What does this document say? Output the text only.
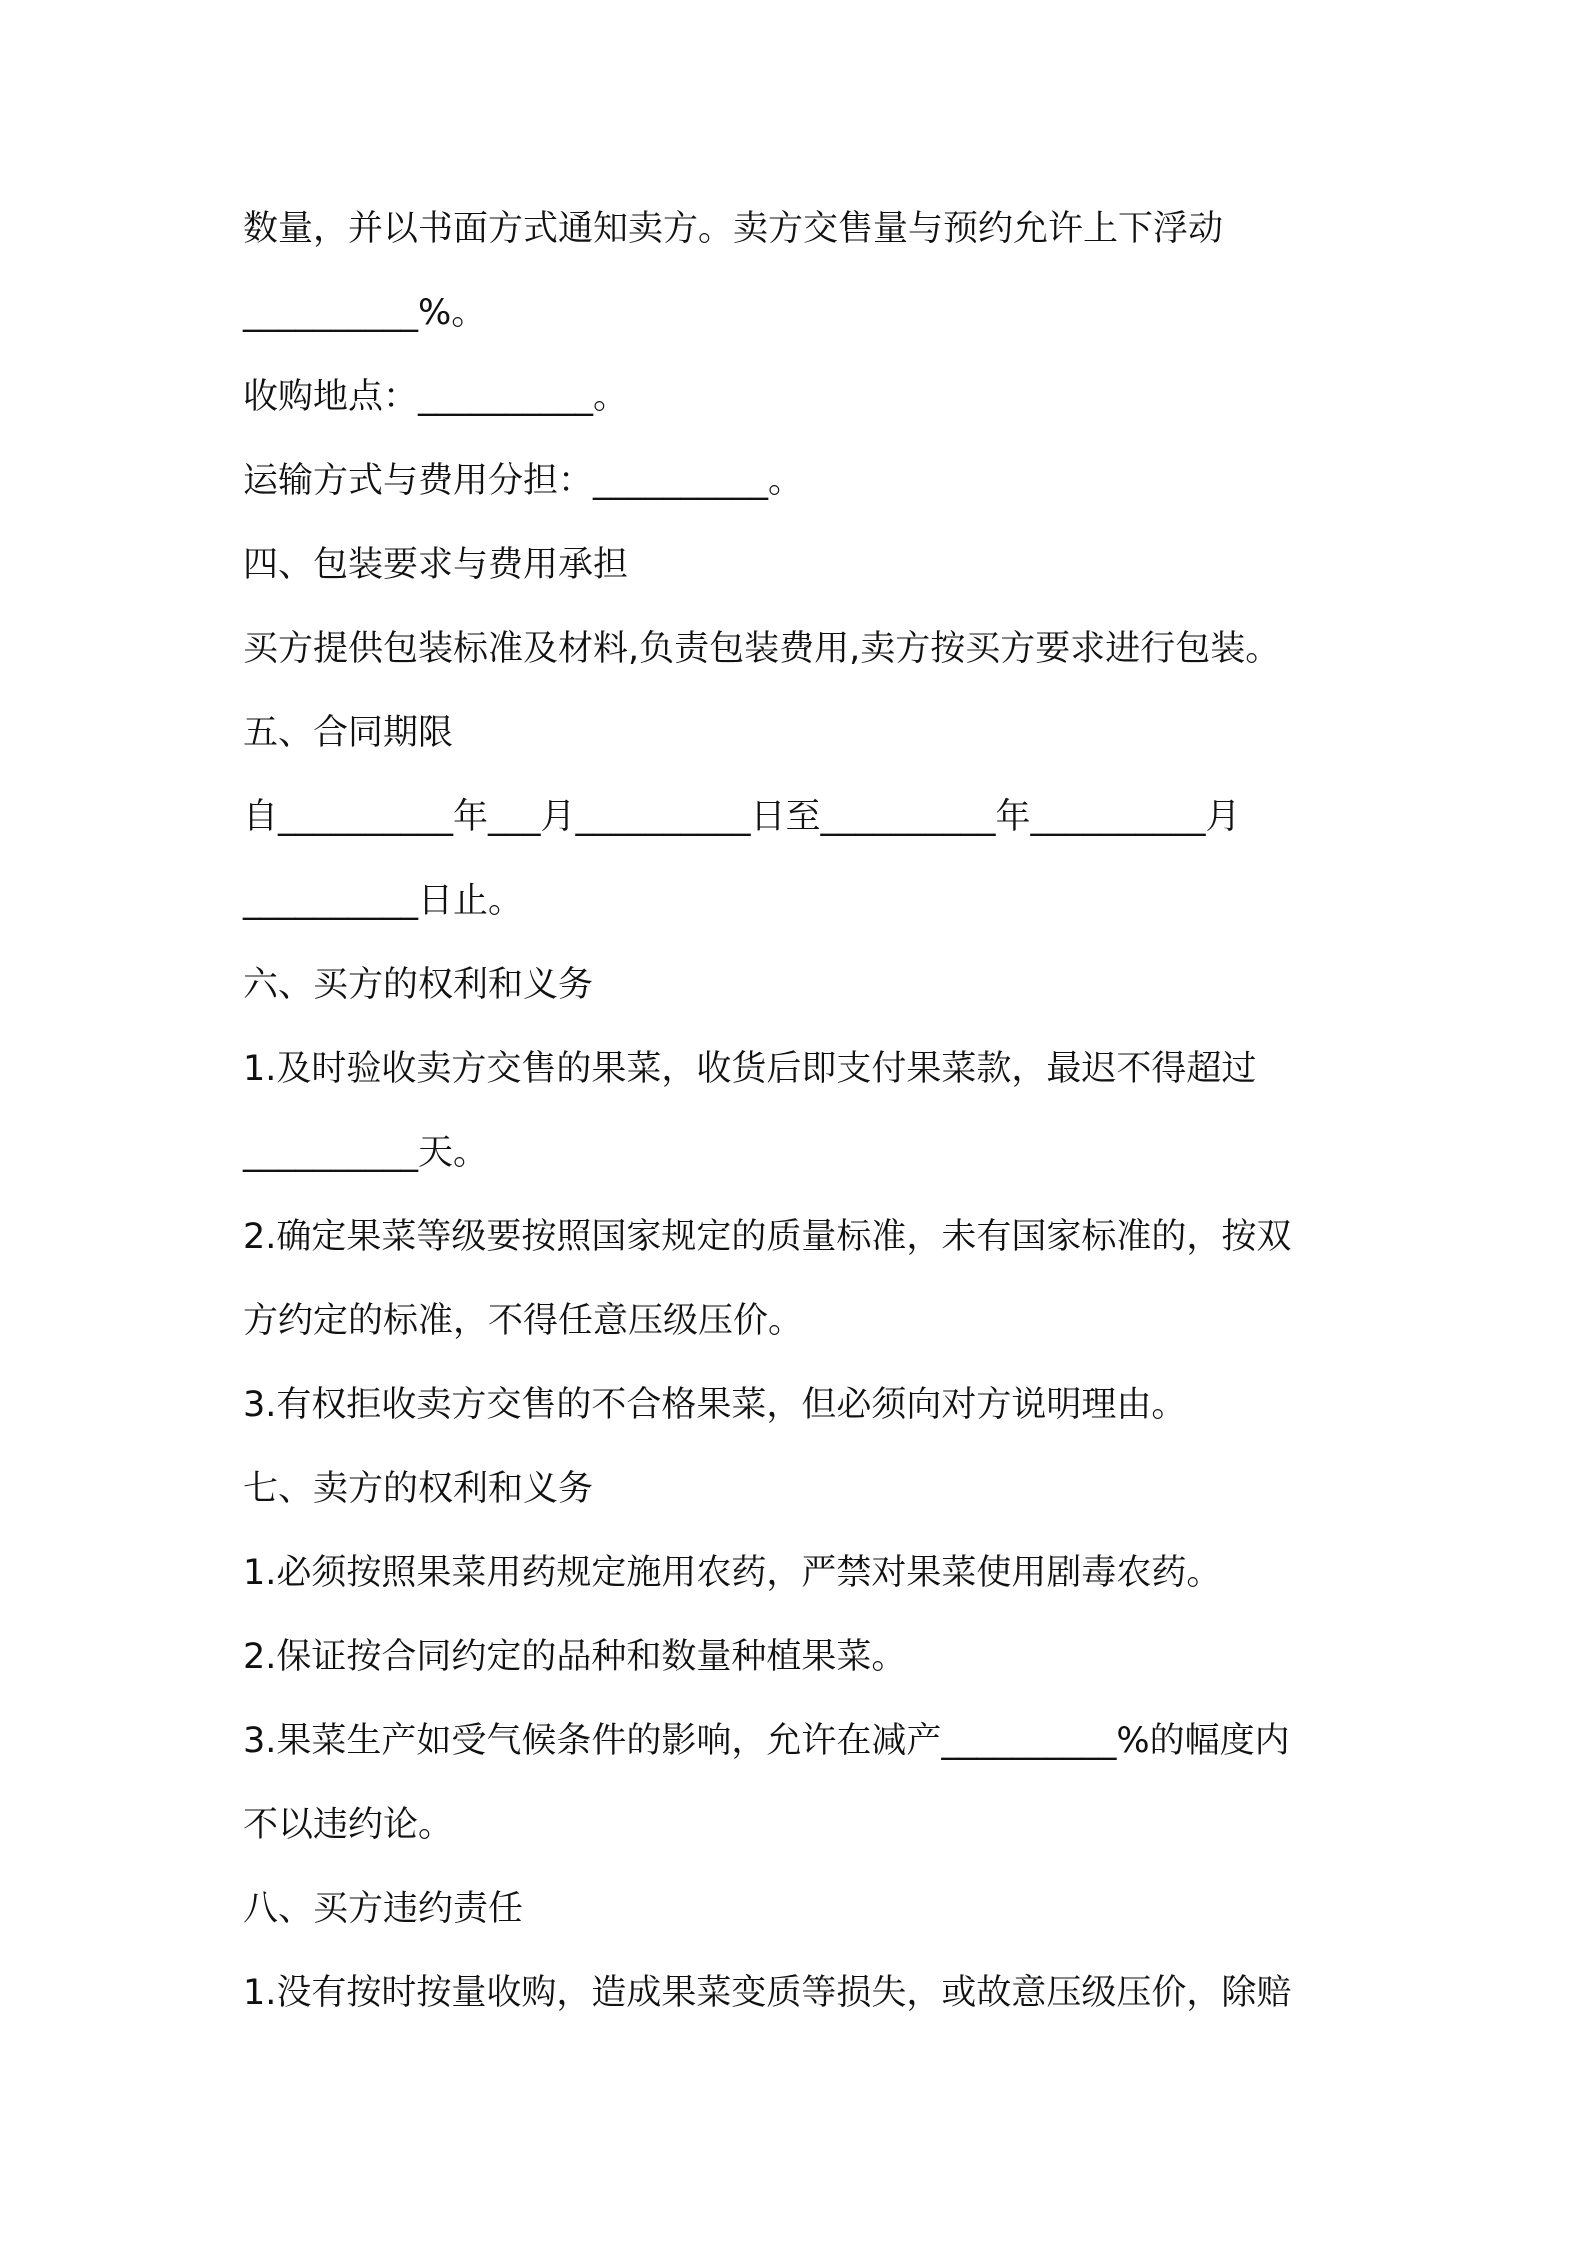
数量，并以书面方式通知卖方。卖方交售量与预约允许上下浮动

__________%。

收购地点：__________。

运输方式与费用分担：__________。

四、包装要求与费用承担

买方提供包装标准及材料,负责包装费用,卖方按买方要求进行包装。

五、合同期限

自__________年___月__________日至__________年__________月

__________日止。

六、买方的权利和义务

1.及时验收卖方交售的果菜，收货后即支付果菜款，最迟不得超过

__________天。

2.确定果菜等级要按照国家规定的质量标准，未有国家标准的，按双

方约定的标准，不得任意压级压价。

3.有权拒收卖方交售的不合格果菜，但必须向对方说明理由。

七、卖方的权利和义务

1.必须按照果菜用药规定施用农药，严禁对果菜使用剧毒农药。

2.保证按合同约定的品种和数量种植果菜。

3.果菜生产如受气候条件的影响，允许在减产__________%的幅度内

不以违约论。

八、买方违约责任

1.没有按时按量收购，造成果菜变质等损失，或故意压级压价，除赔
